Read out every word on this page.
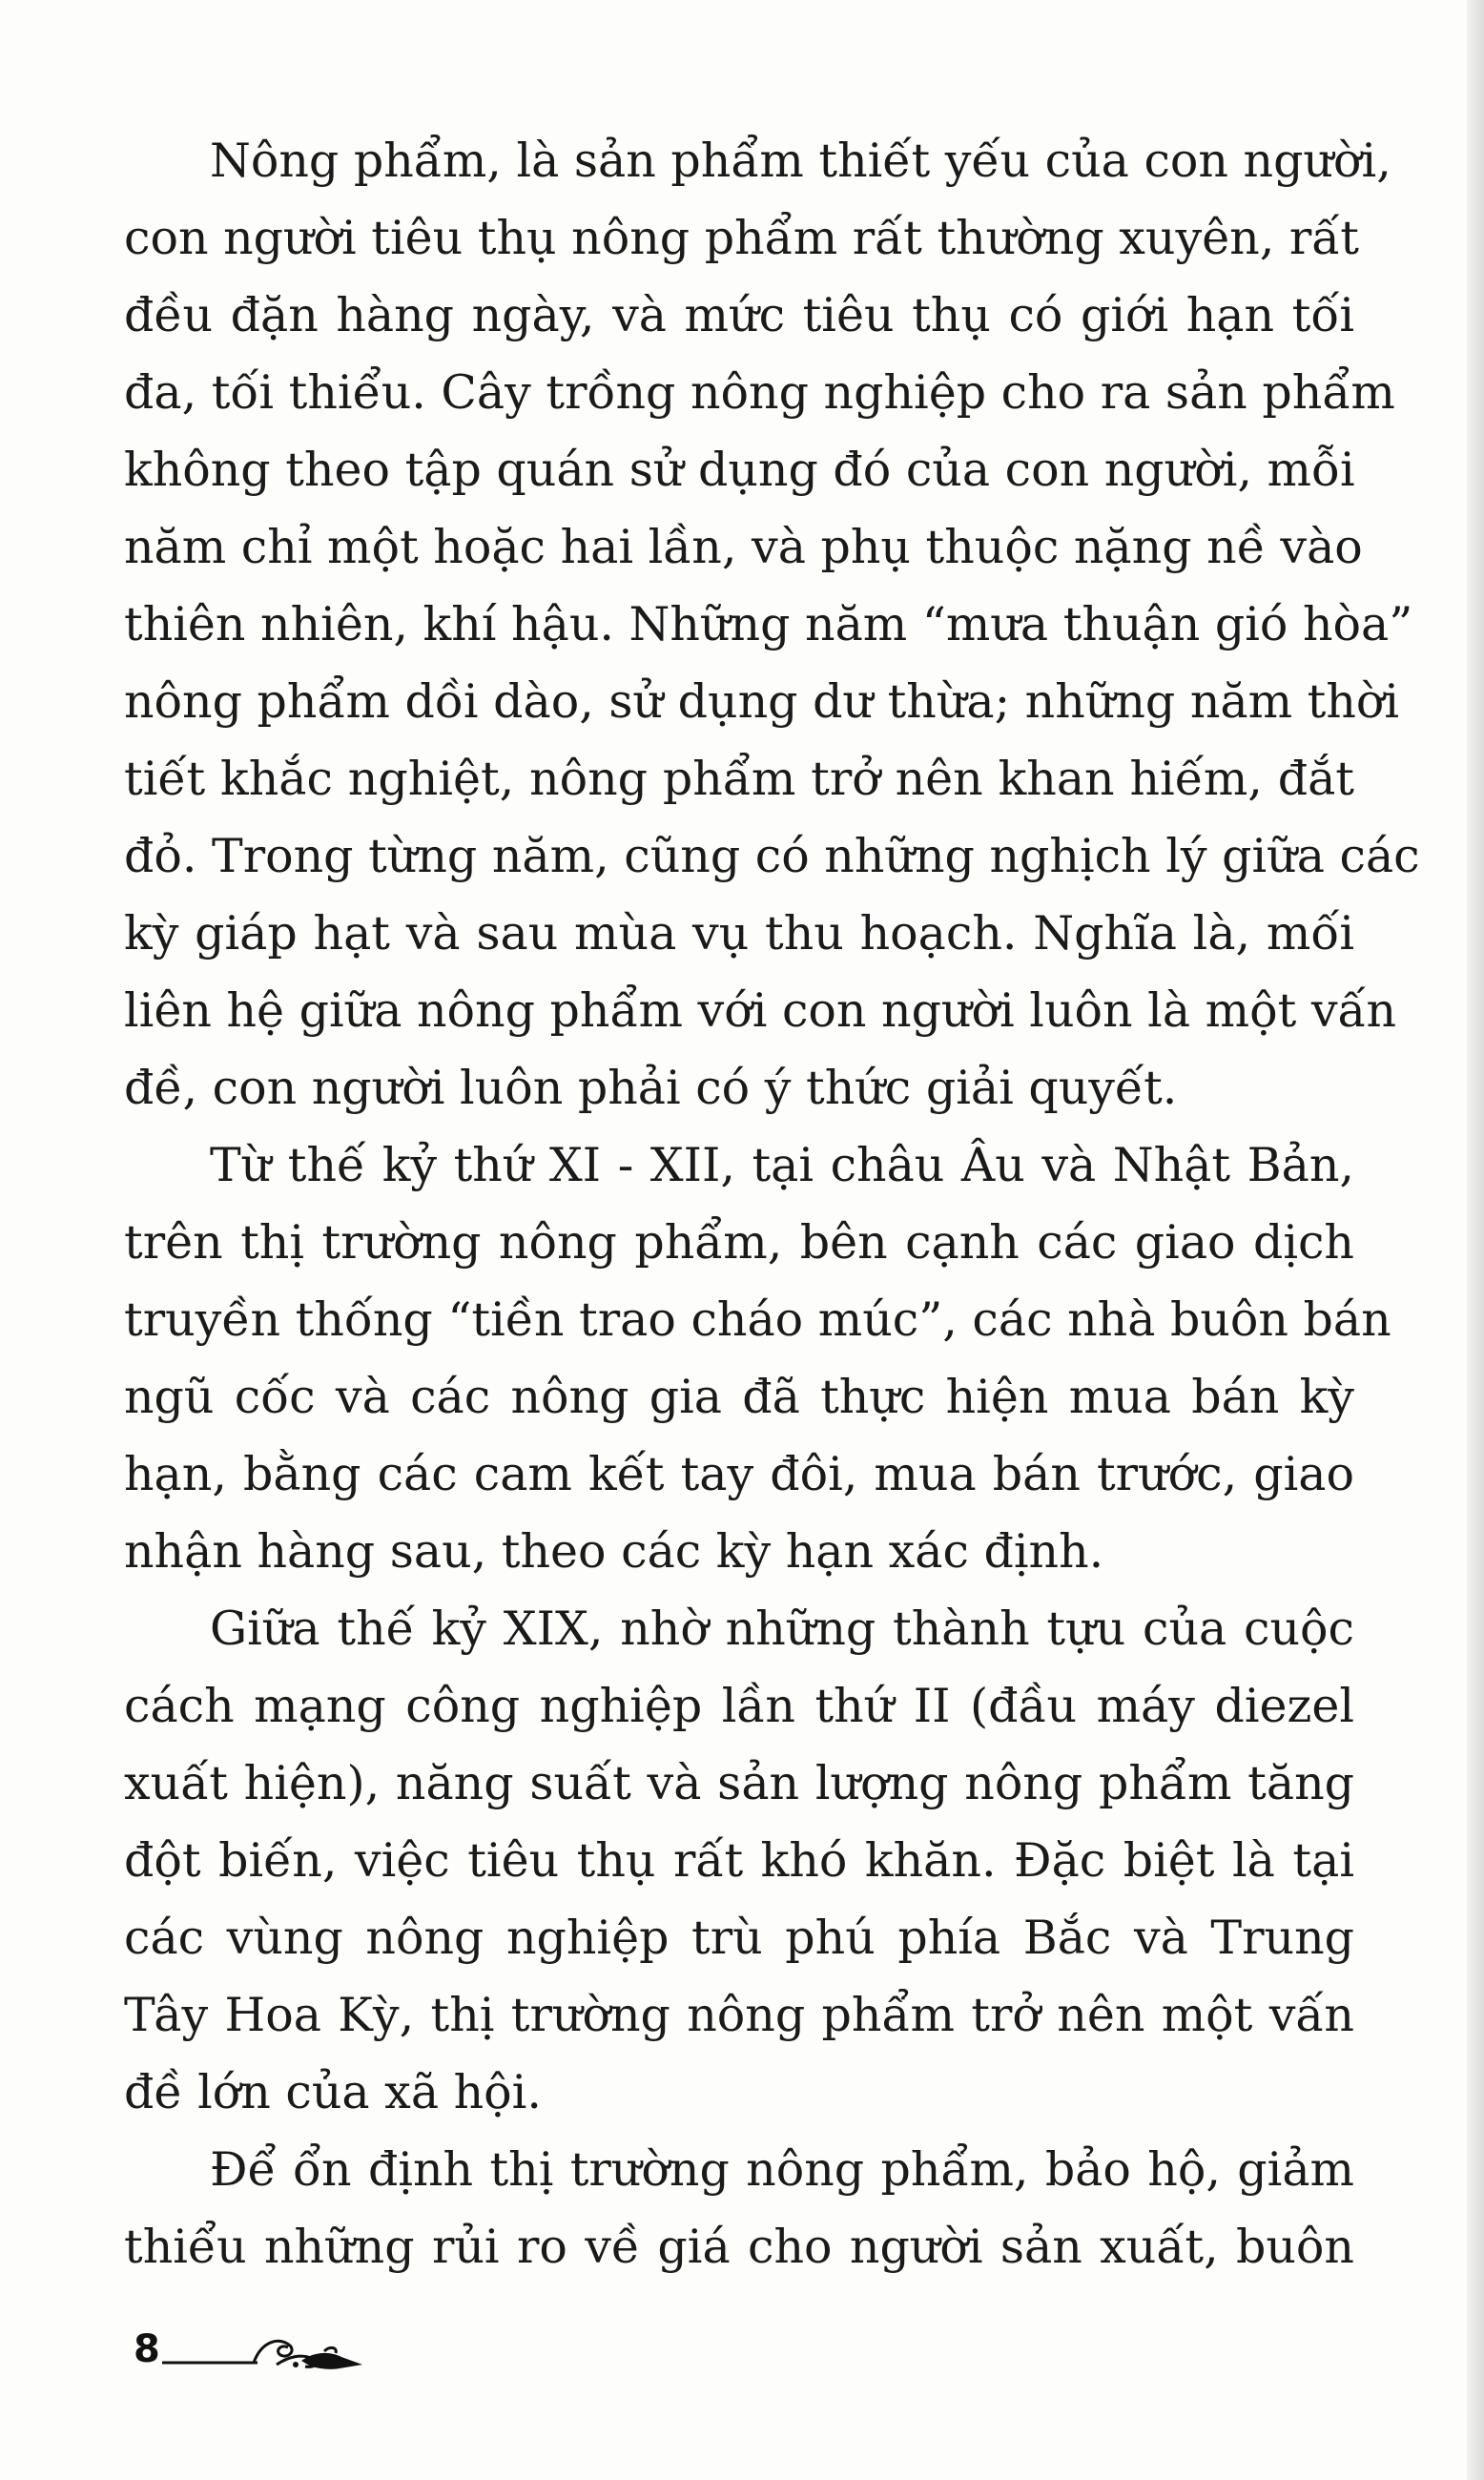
Nông phẩm, là sản phẩm thiết yếu của con người,
con người tiêu thụ nông phẩm rất thường xuyên, rất
đều đặn hàng ngày, và mức tiêu thụ có giới hạn tối
đa, tối thiểu. Cây trồng nông nghiệp cho ra sản phẩm
không theo tập quán sử dụng đó của con người, mỗi
năm chỉ một hoặc hai lần, và phụ thuộc nặng nề vào
thiên nhiên, khí hậu. Những năm “mưa thuận gió hòa”
nông phẩm dồi dào, sử dụng dư thừa; những năm thời
tiết khắc nghiệt, nông phẩm trở nên khan hiếm, đắt
đỏ. Trong từng năm, cũng có những nghịch lý giữa các
kỳ giáp hạt và sau mùa vụ thu hoạch. Nghĩa là, mối
liên hệ giữa nông phẩm với con người luôn là một vấn
đề, con người luôn phải có ý thức giải quyết.
Từ thế kỷ thứ XI - XII, tại châu Âu và Nhật Bản,
trên thị trường nông phẩm, bên cạnh các giao dịch
truyền thống “tiền trao cháo múc”, các nhà buôn bán
ngũ cốc và các nông gia đã thực hiện mua bán kỳ
hạn, bằng các cam kết tay đôi, mua bán trước, giao
nhận hàng sau, theo các kỳ hạn xác định.
Giữa thế kỷ XIX, nhờ những thành tựu của cuộc
cách mạng công nghiệp lần thứ II (đầu máy diezel
xuất hiện), năng suất và sản lượng nông phẩm tăng
đột biến, việc tiêu thụ rất khó khăn. Đặc biệt là tại
các vùng nông nghiệp trù phú phía Bắc và Trung
Tây Hoa Kỳ, thị trường nông phẩm trở nên một vấn
đề lớn của xã hội.
Để ổn định thị trường nông phẩm, bảo hộ, giảm
thiểu những rủi ro về giá cho người sản xuất, buôn
8
